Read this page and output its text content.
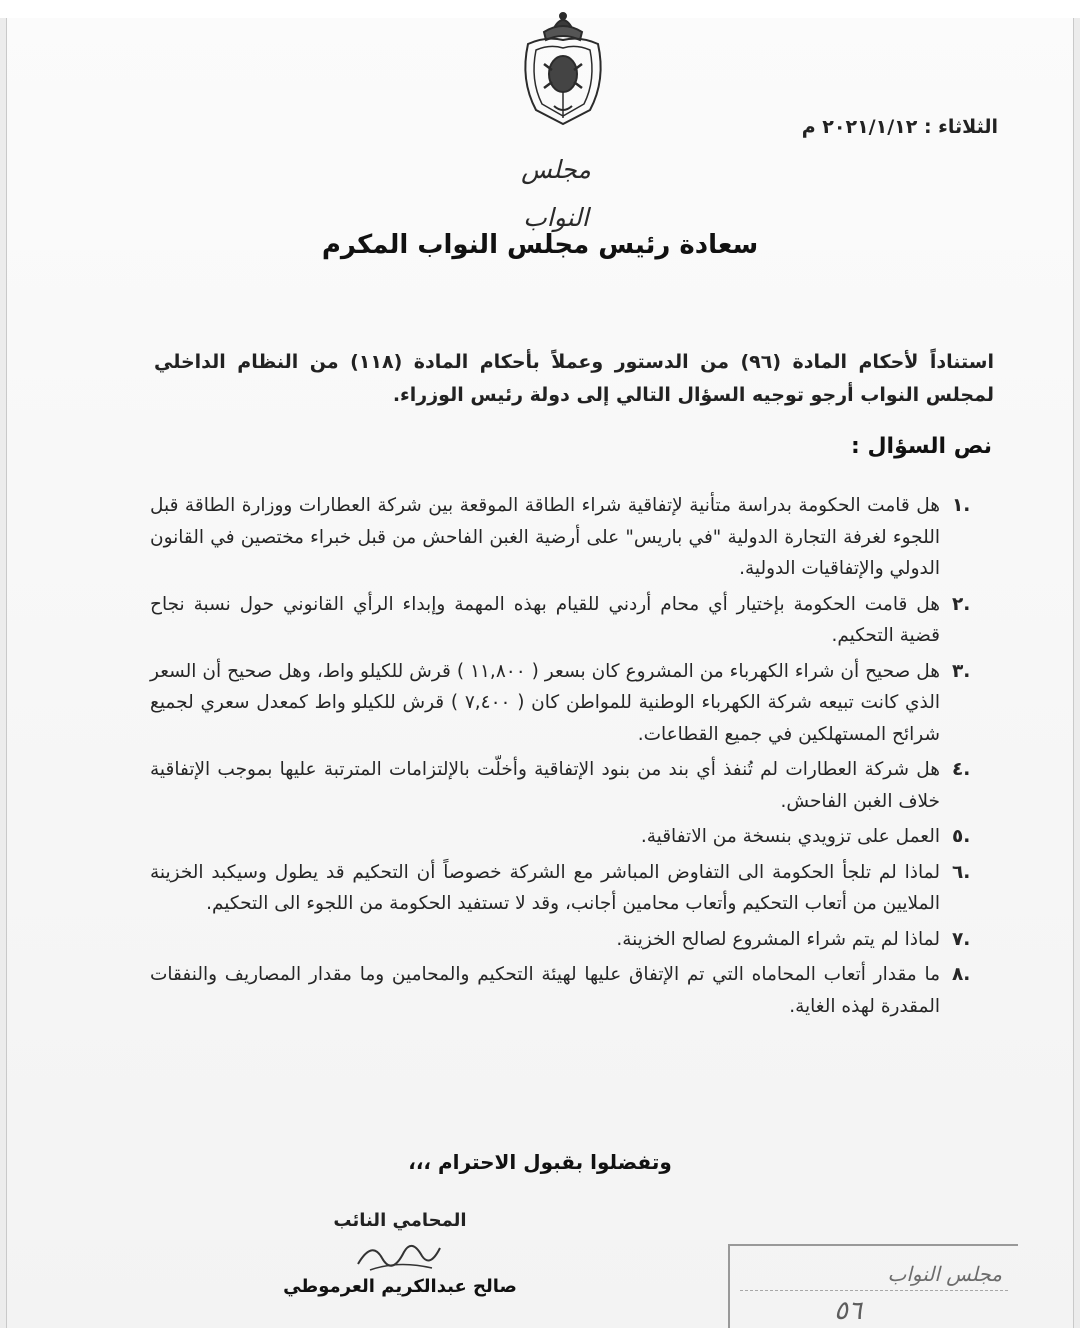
الثلاثاء : ٢٠٢١/١/١٢ م
مجلس النواب
سعادة رئيس مجلس النواب المكرم

استناداً لأحكام المادة (٩٦) من الدستور وعملاً بأحكام المادة (١١٨) من النظام الداخلي لمجلس النواب أرجو توجيه السؤال التالي إلى دولة رئيس الوزراء.

نص السؤال :
.١
هل قامت الحكومة بدراسة متأنية لإتفاقية شراء الطاقة الموقعة بين شركة العطارات ووزارة الطاقة قبل اللجوء لغرفة التجارة الدولية "في باريس" على أرضية الغبن الفاحش من قبل خبراء مختصين في القانون الدولي والإتفاقيات الدولية.
.٢
هل قامت الحكومة بإختيار أي محام أردني للقيام بهذه المهمة وإبداء الرأي القانوني حول نسبة نجاح قضية التحكيم.
.٣
هل صحيح أن شراء الكهرباء من المشروع كان بسعر ( ١١,٨٠٠ ) قرش للكيلو واط، وهل صحيح أن السعر الذي كانت تبيعه شركة الكهرباء الوطنية للمواطن كان ( ٧,٤٠٠ ) قرش للكيلو واط كمعدل سعري لجميع شرائح المستهلكين في جميع القطاعات.
.٤
هل شركة العطارات لم تُنفذ أي بند من بنود الإتفاقية وأخلّت بالإلتزامات المترتبة عليها بموجب الإتفاقية خلاف الغبن الفاحش.
.٥
العمل على تزويدي بنسخة من الاتفاقية.
.٦
لماذا لم تلجأ الحكومة الى التفاوض المباشر مع الشركة خصوصاً أن التحكيم قد يطول وسيكبد الخزينة الملايين من أتعاب التحكيم وأتعاب محامين أجانب، وقد لا تستفيد الحكومة من اللجوء الى التحكيم.
.٧
لماذا لم يتم شراء المشروع لصالح الخزينة.
.٨
ما مقدار أتعاب المحاماه التي تم الإتفاق عليها لهيئة التحكيم والمحامين وما مقدار المصاريف والنفقات المقدرة لهذه الغاية.
وتفضلوا بقبول الاحترام ،،،
المحامي النائب
صالح عبدالكريم العرموطي
مجلس النواب
٥٦
